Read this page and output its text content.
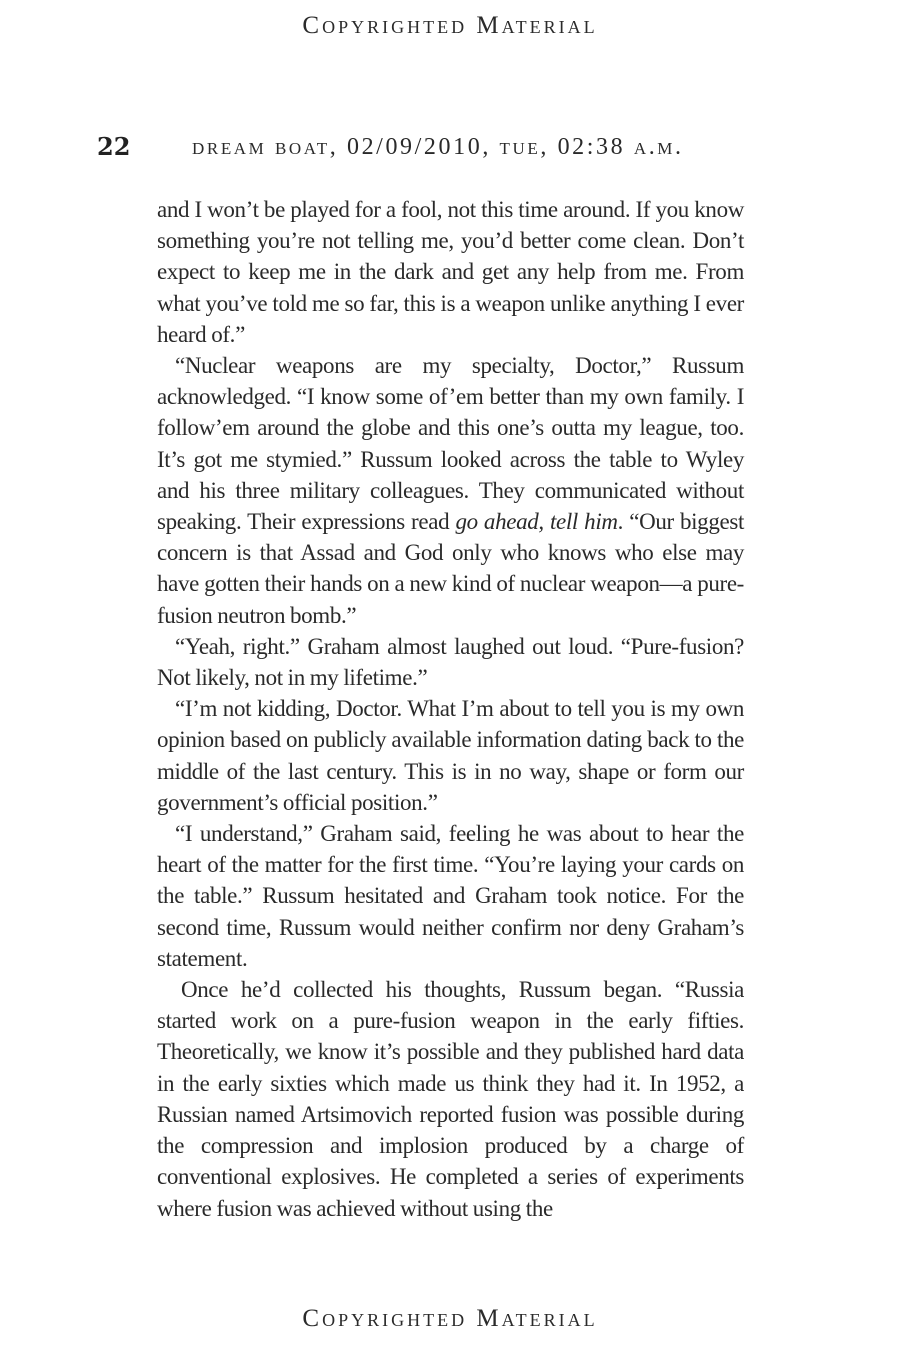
Copyrighted Material

22	dream boat, 02/09/2010, tue, 02:38 a.m.

and I won’t be played for a fool, not this time around. If you know something you’re not telling me, you’d better come clean. Don’t expect to keep me in the dark and get any help from me. From what you’ve told me so far, this is a weapon unlike anything I ever heard of.”

“Nuclear weapons are my specialty, Doctor,” Russum acknowledged. “I know some of’em better than my own family. I follow’em around the globe and this one’s outta my league, too. It’s got me stymied.” Russum looked across the table to Wyley and his three military colleagues. They communicated without speaking. Their expressions read go ahead, tell him. “Our biggest concern is that Assad and God only who knows who else may have gotten their hands on a new kind of nuclear weapon—a pure-fusion neutron bomb.”

“Yeah, right.” Graham almost laughed out loud. “Pure-fusion? Not likely, not in my lifetime.”

“I’m not kidding, Doctor. What I’m about to tell you is my own opinion based on publicly available information dating back to the middle of the last century. This is in no way, shape or form our government’s official position.”

“I understand,” Graham said, feeling he was about to hear the heart of the matter for the first time. “You’re laying your cards on the table.” Russum hesitated and Graham took notice. For the second time, Russum would neither confirm nor deny Graham’s statement.

Once he’d collected his thoughts, Russum began. “Russia started work on a pure-fusion weapon in the early fifties. Theoretically, we know it’s possible and they published hard data in the early sixties which made us think they had it. In 1952, a Russian named Artsimovich reported fusion was possible during the compression and implosion produced by a charge of conventional explosives. He completed a series of experiments where fusion was achieved without using the

Copyrighted Material
